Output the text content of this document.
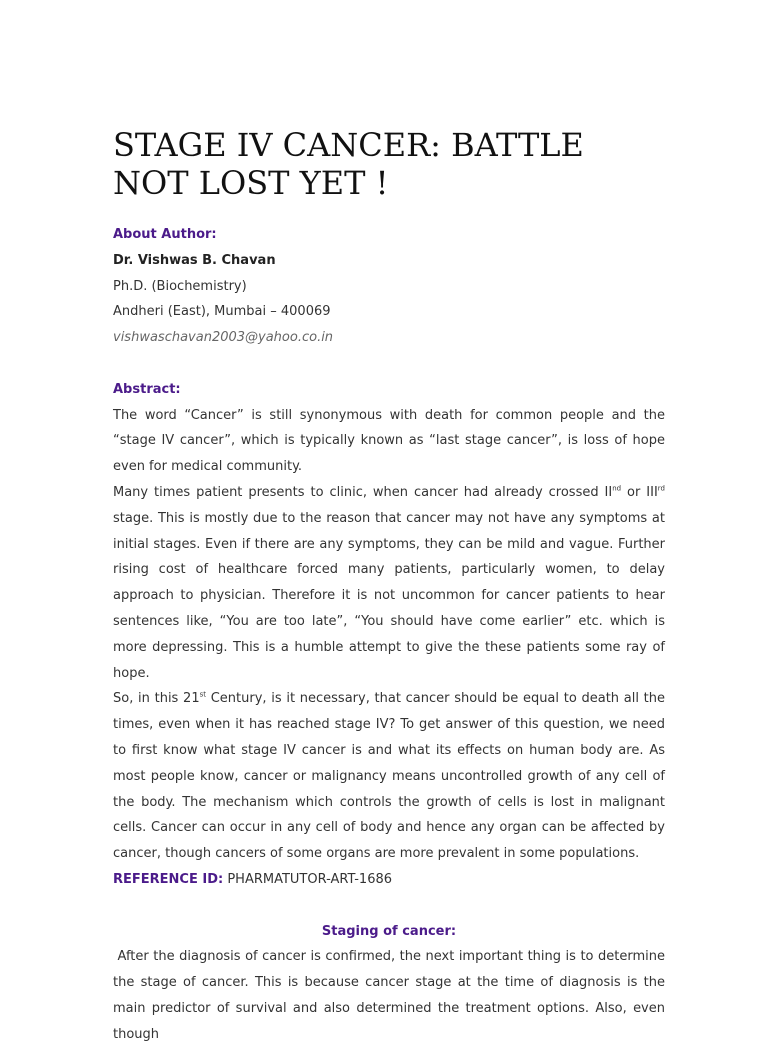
STAGE IV CANCER: BATTLE NOT LOST YET !

About Author:

Dr. Vishwas B. Chavan

Ph.D. (Biochemistry)

Andheri (East), Mumbai – 400069

vishwaschavan2003@yahoo.co.in

Abstract:

The word “Cancer” is still synonymous with death for common people and the “stage IV cancer”, which is typically known as “last stage cancer”, is loss of hope even for medical community.

Many times patient presents to clinic, when cancer had already crossed IInd or IIIrd stage. This is mostly due to the reason that cancer may not have any symptoms at initial stages. Even if there are any symptoms, they can be mild and vague. Further rising cost of healthcare forced many patients, particularly women, to delay approach to physician. Therefore it is not uncommon for cancer patients to hear sentences like, “You are too late”, “You should have come earlier” etc. which is more depressing. This is a humble attempt to give the these patients some ray of hope.

So, in this 21st Century, is it necessary, that cancer should be equal to death all the times, even when it has reached stage IV? To get answer of this question, we need to first know what stage IV cancer is and what its effects on human body are. As most people know, cancer or malignancy means uncontrolled growth of any cell of the body. The mechanism which controls the growth of cells is lost in malignant cells. Cancer can occur in any cell of body and hence any organ can be affected by cancer, though cancers of some organs are more prevalent in some populations.

REFERENCE ID: PHARMATUTOR-ART-1686

Staging of cancer:

After the diagnosis of cancer is confirmed, the next important thing is to determine the stage of cancer. This is because cancer stage at the time of diagnosis is the main predictor of survival and also determined the treatment options. Also, even though
